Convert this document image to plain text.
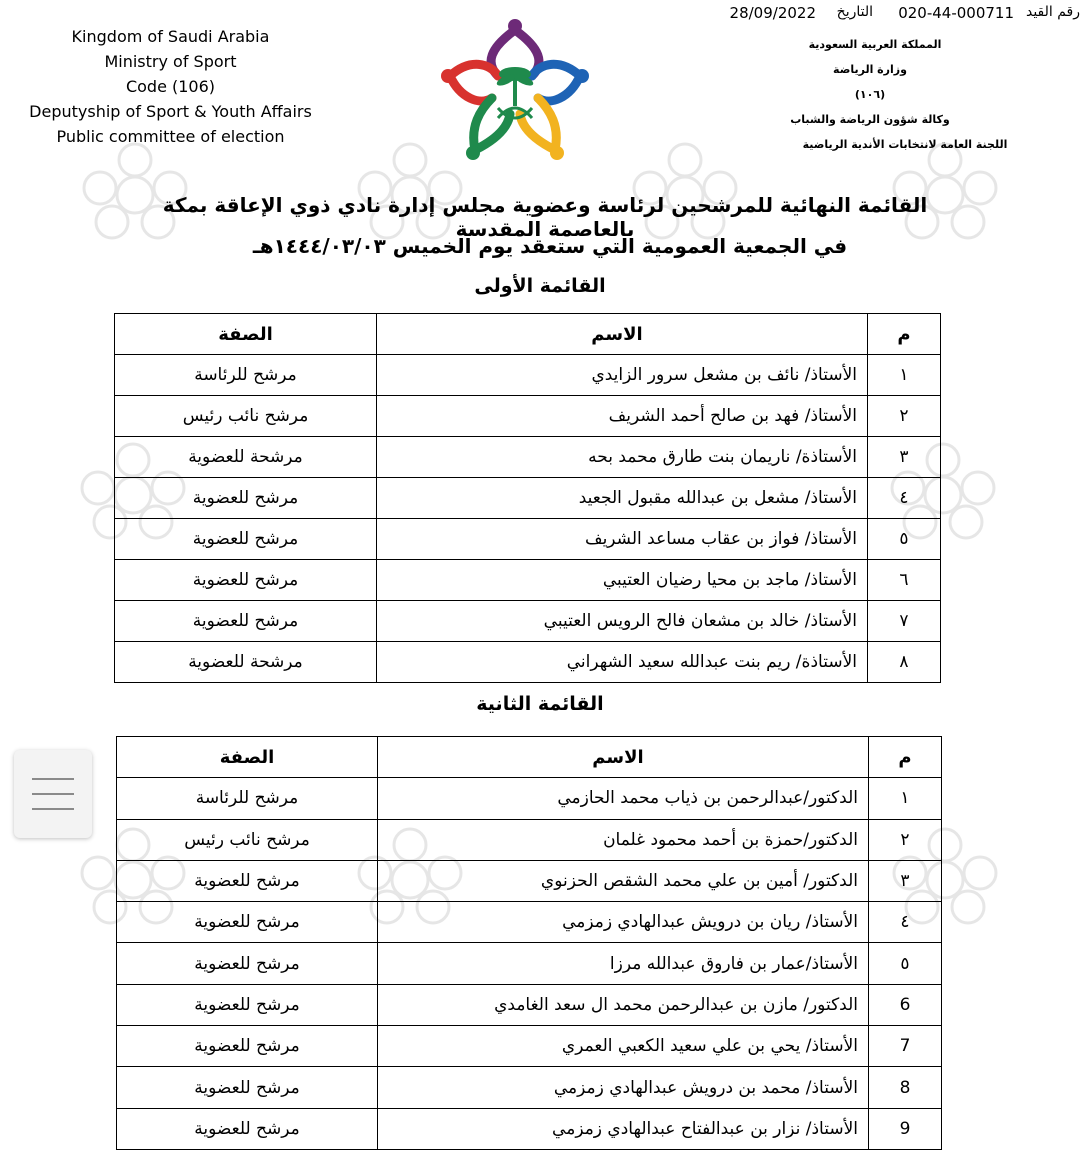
رقم القيد
020-44-000711
التاريخ
28/09/2022
Kingdom of Saudi Arabia
Ministry of Sport
Code (106)
Deputyship of Sport & Youth Affairs
Public committee of election
المملكة العربية السعودية
وزارة الرياضة
(١٠٦)
وكالة شؤون الرياضة والشباب
اللجنة العامة لانتخابات الأندية الرياضية
القائمة النهائية للمرشحين لرئاسة وعضوية مجلس إدارة نادي ذوي الإعاقة بمكة بالعاصمة المقدسة
في الجمعية العمومية التي ستعقد يوم الخميس ١٤٤٤/٠٣/٠٣هـ
القائمة الأولى
م	الاسم	الصفة
١	الأستاذ/ نائف بن مشعل سرور الزايدي	مرشح للرئاسة
٢	الأستاذ/ فهد بن صالح أحمد الشريف	مرشح نائب رئيس
٣	الأستاذة/ ناريمان بنت طارق محمد بحه	مرشحة للعضوية
٤	الأستاذ/ مشعل بن عبدالله مقبول الجعيد	مرشح للعضوية
٥	الأستاذ/ فواز بن عقاب مساعد الشريف	مرشح للعضوية
٦	الأستاذ/ ماجد بن محيا رضيان العتيبي	مرشح للعضوية
٧	الأستاذ/ خالد بن مشعان فالح الرويس العتيبي	مرشح للعضوية
٨	الأستاذة/ ريم بنت عبدالله سعيد الشهراني	مرشحة للعضوية
القائمة الثانية
م	الاسم	الصفة
١	الدكتور/عبدالرحمن بن ذياب محمد الحازمي	مرشح للرئاسة
٢	الدكتور/حمزة بن أحمد محمود غلمان	مرشح نائب رئيس
٣	الدكتور/ أمين بن علي محمد الشقص الحزنوي	مرشح للعضوية
٤	الأستاذ/ ريان بن درويش عبدالهادي زمزمي	مرشح للعضوية
٥	الأستاذ/عمار بن فاروق عبدالله مرزا	مرشح للعضوية
6	الدكتور/ مازن بن عبدالرحمن محمد ال سعد الغامدي	مرشح للعضوية
7	الأستاذ/ يحي بن علي سعيد الكعبي العمري	مرشح للعضوية
8	الأستاذ/ محمد بن درويش عبدالهادي زمزمي	مرشح للعضوية
9	الأستاذ/ نزار بن عبدالفتاح عبدالهادي زمزمي	مرشح للعضوية
